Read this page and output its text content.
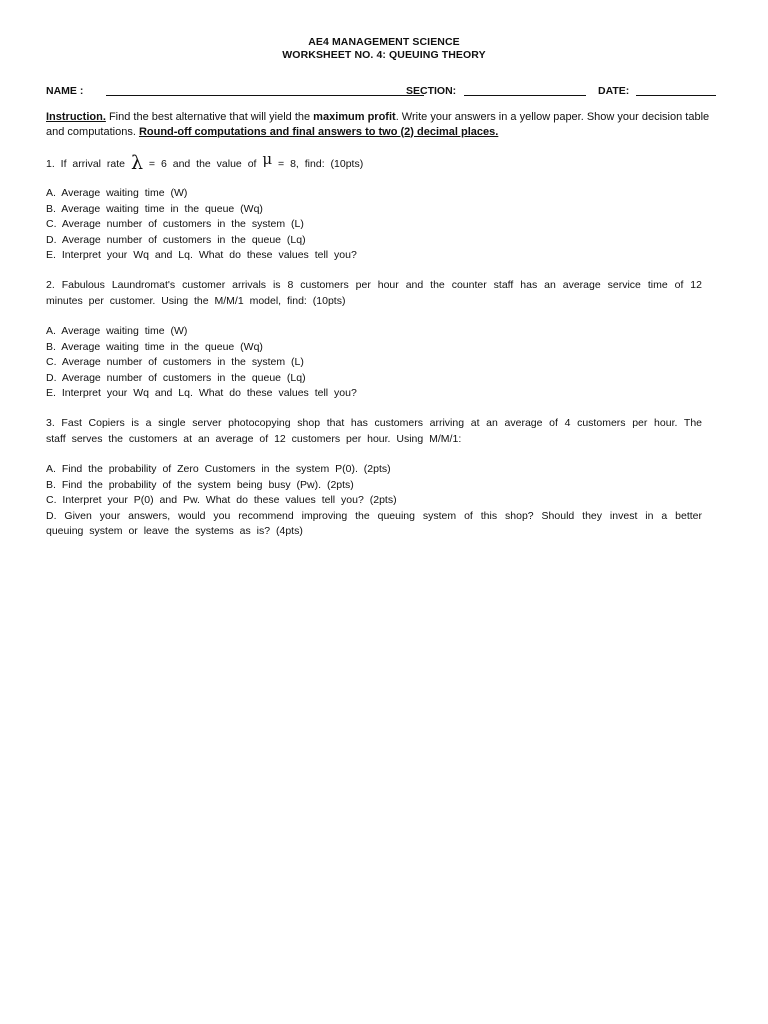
AE4 MANAGEMENT SCIENCE
WORKSHEET NO. 4: QUEUING THEORY
NAME :	SECTION:	DATE:
Instruction. Find the best alternative that will yield the maximum profit. Write your answers in a yellow paper. Show your decision table and computations. Round-off computations and final answers to two (2) decimal places.
1. If arrival rate λ = 6 and the value of μ = 8, find: (10pts)
A. Average waiting time (W)
B. Average waiting time in the queue (Wq)
C. Average number of customers in the system (L)
D. Average number of customers in the queue (Lq)
E. Interpret your Wq and Lq. What do these values tell you?
2. Fabulous Laundromat's customer arrivals is 8 customers per hour and the counter staff has an average service time of 12 minutes per customer. Using the M/M/1 model, find: (10pts)
A. Average waiting time (W)
B. Average waiting time in the queue (Wq)
C. Average number of customers in the system (L)
D. Average number of customers in the queue (Lq)
E. Interpret your Wq and Lq. What do these values tell you?
3. Fast Copiers is a single server photocopying shop that has customers arriving at an average of 4 customers per hour. The staff serves the customers at an average of 12 customers per hour. Using M/M/1:
A. Find the probability of Zero Customers in the system P(0). (2pts)
B. Find the probability of the system being busy (Pw). (2pts)
C. Interpret your P(0) and Pw. What do these values tell you? (2pts)
D. Given your answers, would you recommend improving the queuing system of this shop? Should they invest in a better queuing system or leave the systems as is? (4pts)
